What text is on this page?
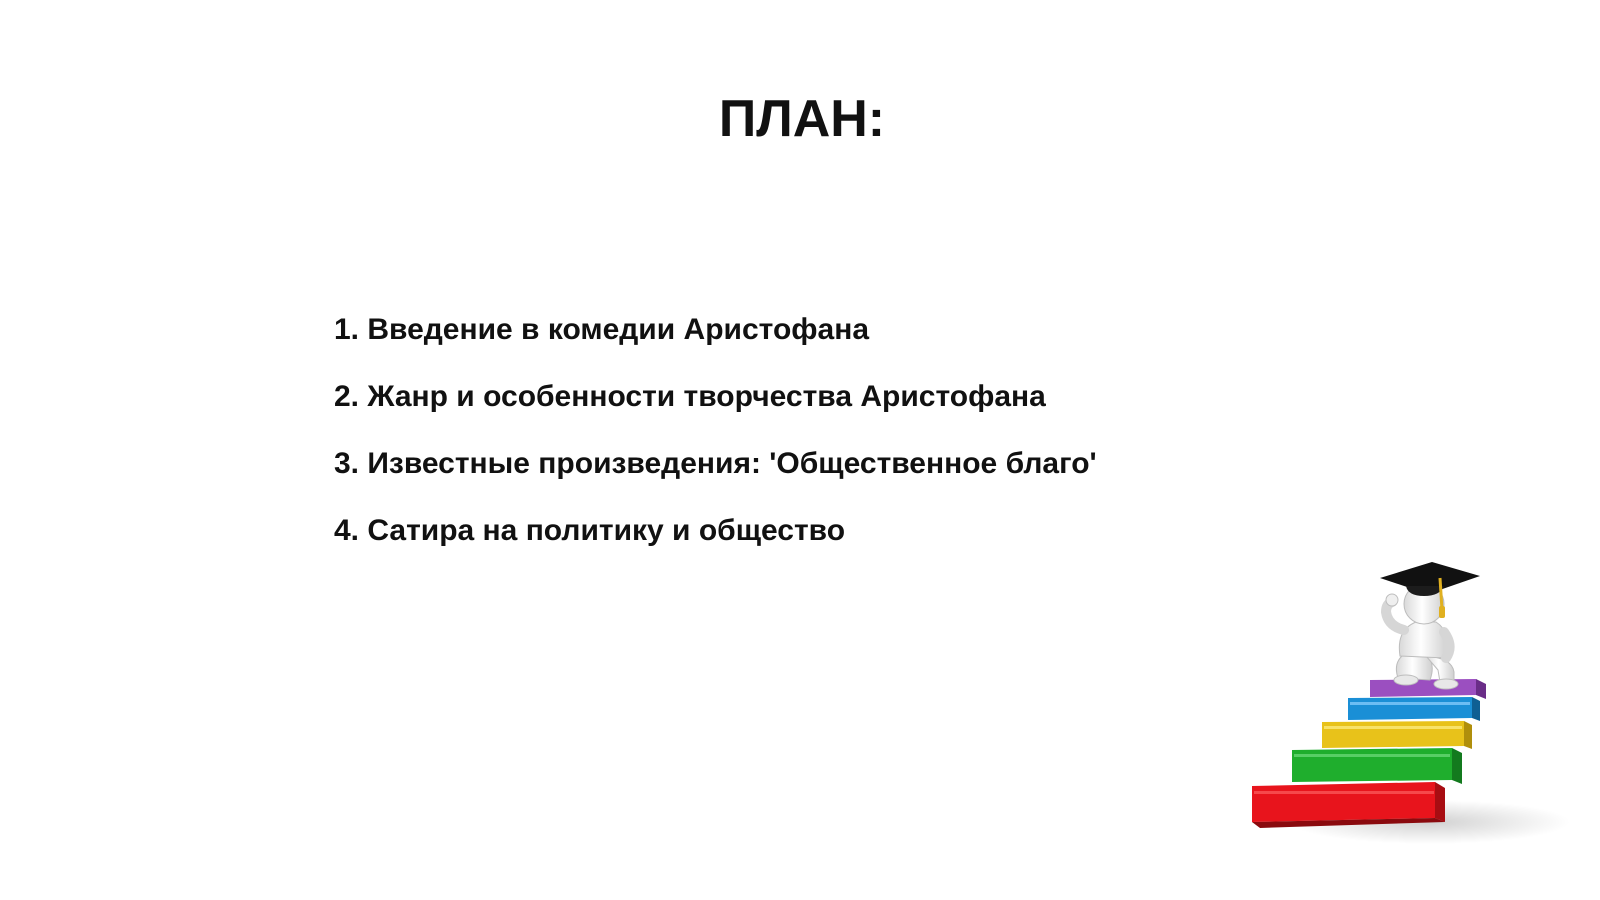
ПЛАН:
1. Введение в комедии Аристофана
2. Жанр и особенности творчества Аристофана
3. Известные произведения: 'Общественное благо'
4. Сатира на политику и общество
